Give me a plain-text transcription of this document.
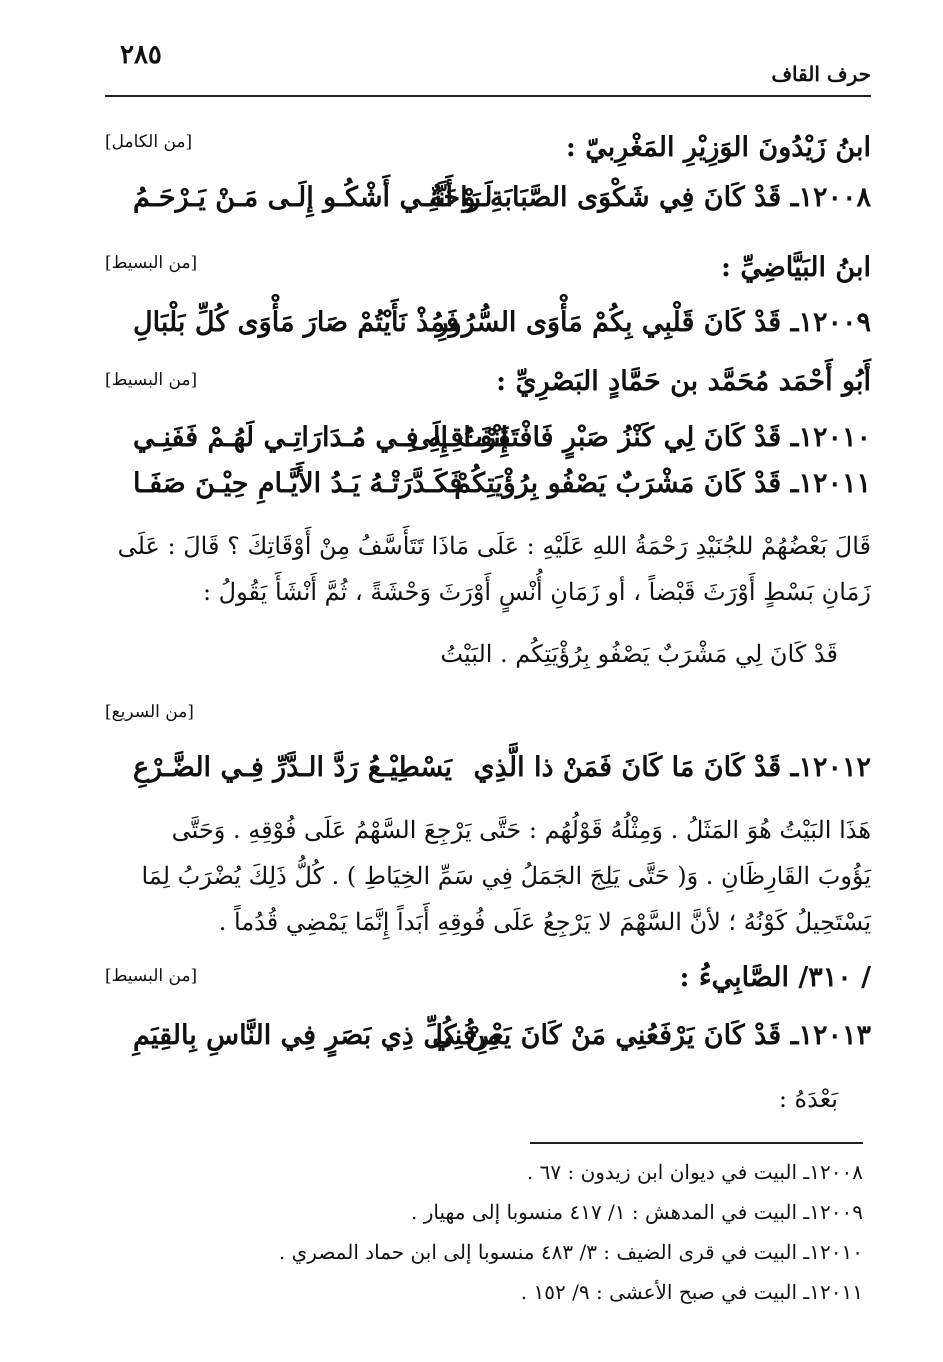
٢٨٥
حرف القاف
ابنُ زَيْدُونَ الوَزِيْرِ المَغْرِبيّ :
[من الكامل]
١٢٠٠٨ـ قَدْ كَانَ فِي شَكْوَى الصَّبَابَةِ رَاحَةٌ
لَـوْ أَنَّنِـي أَشْكُـو إِلَـى مَـنْ يَـرْحَـمُ
ابنُ البَيَّاضِيِّ :
[من البسيط]
١٢٠٠٩ـ قَدْ كَانَ قَلْبِي بِكُمْ مَأْوَى السُّرُورِ
فَمُذْ نَأَيْتُمْ صَارَ مَأْوَى كُلِّ بَلْبَالِ
أَبُو أَحْمَد مُحَمَّد بن حَمَّادٍ البَصْرِيِّ :
[من البسيط]
١٢٠١٠ـ قَدْ كَانَ لِي كَنْزُ صَبْرٍ فَافْتَقَرْتُ إِلَى
إِنْفَـاقِـهِ فِـي مُـدَارَاتِـي لَهُـمْ فَفَنِـي
١٢٠١١ـ قَدْ كَانَ مَشْرَبٌ يَصْفُو بِرُؤْيَتِكُمْ
فَكَـدَّرَتْـهُ يَـدُ الأَيَّـامِ حِيْـنَ صَفَـا
قَالَ بَعْضُهُمْ للجُنَيْدِ رَحْمَةُ اللهِ عَلَيْهِ : عَلَى مَاذَا تَتَأَسَّفُ مِنْ أَوْقَاتِكَ ؟ قَالَ : عَلَى
زَمَانِ بَسْطٍ أَوْرَثَ قَبْضاً ، أو زَمَانِ أُنْسٍ أَوْرَثَ وَحْشَةً ، ثُمَّ أَنْشَأَ يَقُولُ :
قَدْ كَانَ لِي مَشْرَبٌ يَصْفُو بِرُؤْيَتِكُم . البَيْتُ
[من السريع]
١٢٠١٢ـ قَدْ كَانَ مَا كَانَ فَمَنْ ذا الَّذِي
يَسْطِيْـعُ رَدَّ الـدَّرِّ فِـي الضَّـرْعِ
هَذَا البَيْتُ هُوَ المَثَلُ . وَمِثْلُهُ قَوْلُهُم : حَتَّى يَرْجِعَ السَّهْمُ عَلَى فُوْقِهِ . وَحَتَّى
يَؤُوبَ القَارِظَانِ . وَ( حَتَّى يَلِجَ الجَمَلُ فِي سَمِّ الخِيَاطِ ) . كُلُّ ذَلِكَ يُضْرَبُ لِمَا
يَسْتَحِيلُ كَوْنُهُ ؛ لأنَّ السَّهْمَ لا يَرْجِعُ عَلَى فُوقِهِ أَبَداً إِنَّمَا يَمْضِي قُدُماً .
/ ٣١٠/ الصَّابِيءُ :
[من البسيط]
١٢٠١٣ـ قَدْ كَانَ يَرْفَعُنِي مَنْ كَانَ يَعْرِفُنِي
مِنْ كُلِّ ذِي بَصَرٍ فِي النَّاسِ بِالقِيَمِ
بَعْدَهُ :
١٢٠٠٨ـ البيت في ديوان ابن زيدون : ٦٧ .
١٢٠٠٩ـ البيت في المدهش : ١/ ٤١٧ منسوبا إلى مهيار .
١٢٠١٠ـ البيت في قرى الضيف : ٣/ ٤٨٣ منسوبا إلى ابن حماد المصري .
١٢٠١١ـ البيت في صبح الأعشى : ٩/ ١٥٢ .
